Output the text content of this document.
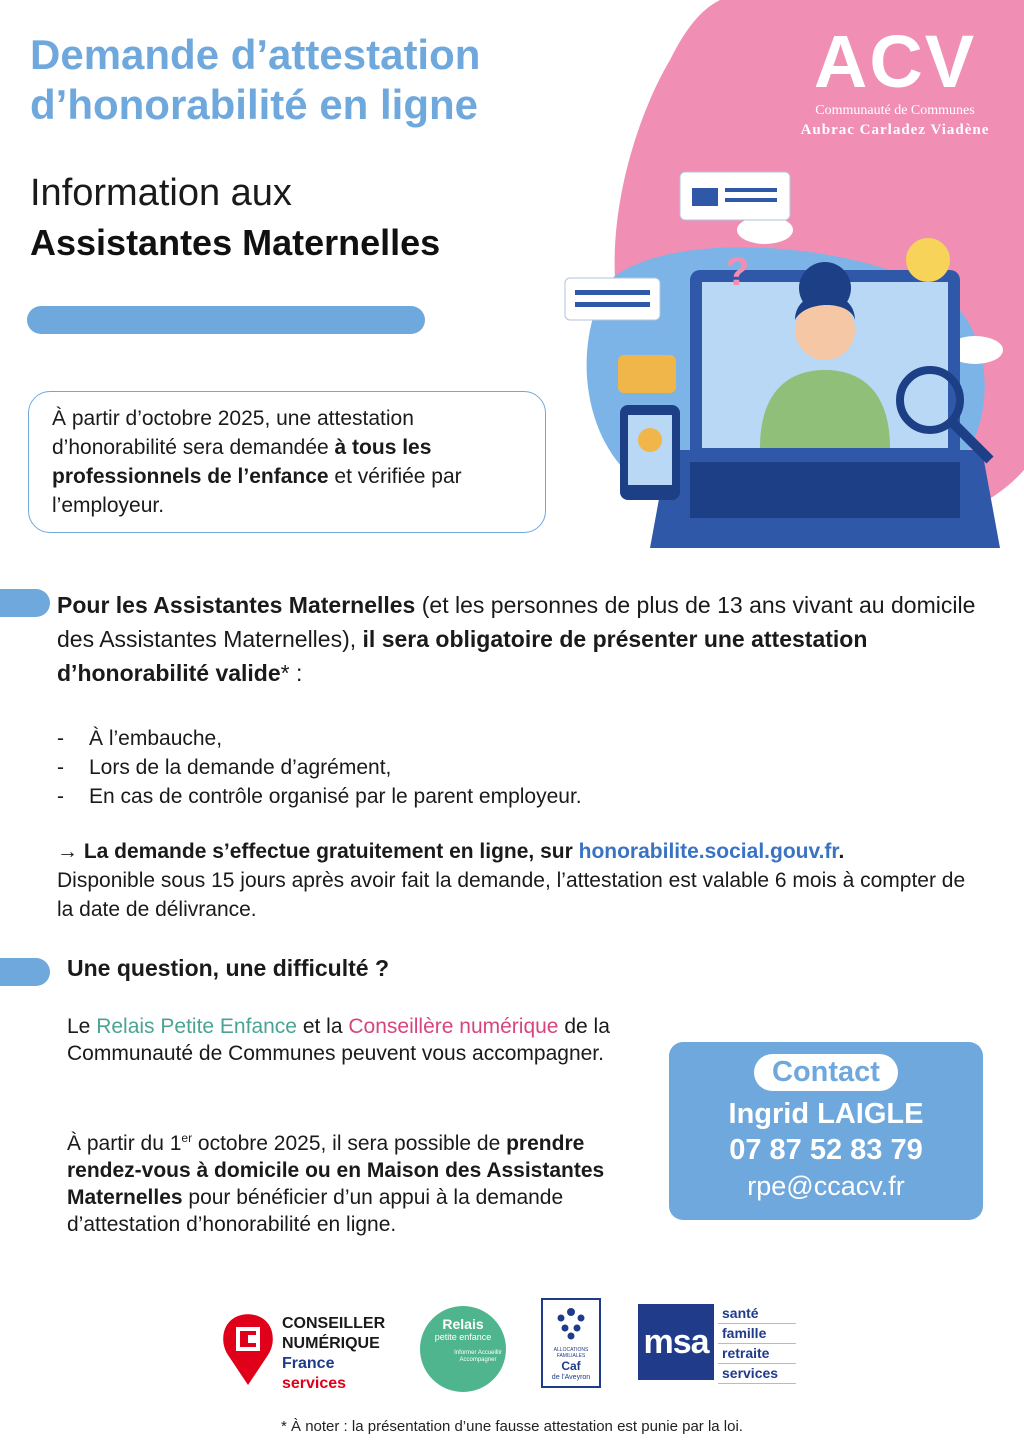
ACV
Communauté de Communes
Aubrac Carladez Viadène
?
Demande d’attestation
d’honorabilité en ligne
Information aux
Assistantes Maternelles

À partir d’octobre 2025, une attestation d’honorabilité sera demandée à tous les professionnels de l’enfance et vérifiée par l’employeur.

Pour les Assistantes Maternelles (et les personnes de plus de 13 ans vivant au domicile des Assistantes Maternelles), il sera obligatoire de présenter une attestation d’honorabilité valide* :

- À l’embauche,
- Lors de la demande d’agrément,
- En cas de contrôle organisé par le parent employeur.

→ La demande s’effectue gratuitement en ligne, sur honorabilite.social.gouv.fr.
Disponible sous 15 jours après avoir fait la demande, l’attestation est valable 6 mois à compter de la date de délivrance.

Une question, une difficulté ?

Le Relais Petite Enfance et la Conseillère numérique de la Communauté de Communes peuvent vous accompagner.

À partir du 1er octobre 2025, il sera possible de prendre rendez-vous à domicile ou en Maison des Assistantes Maternelles pour bénéficier d’un appui à la demande d’attestation d’honorabilité en ligne.

Contact
Ingrid LAIGLE
07 87 52 83 79
rpe@ccacv.fr
CONSEILLER
NUMÉRIQUE
France
services
Relais
petite enfance
Informer Accueillir Accompagner
ALLOCATIONS FAMILIALES
Caf
de l’Aveyron
msa
santé
famille
retraite
services
* À noter : la présentation d’une fausse attestation est punie par la loi.
